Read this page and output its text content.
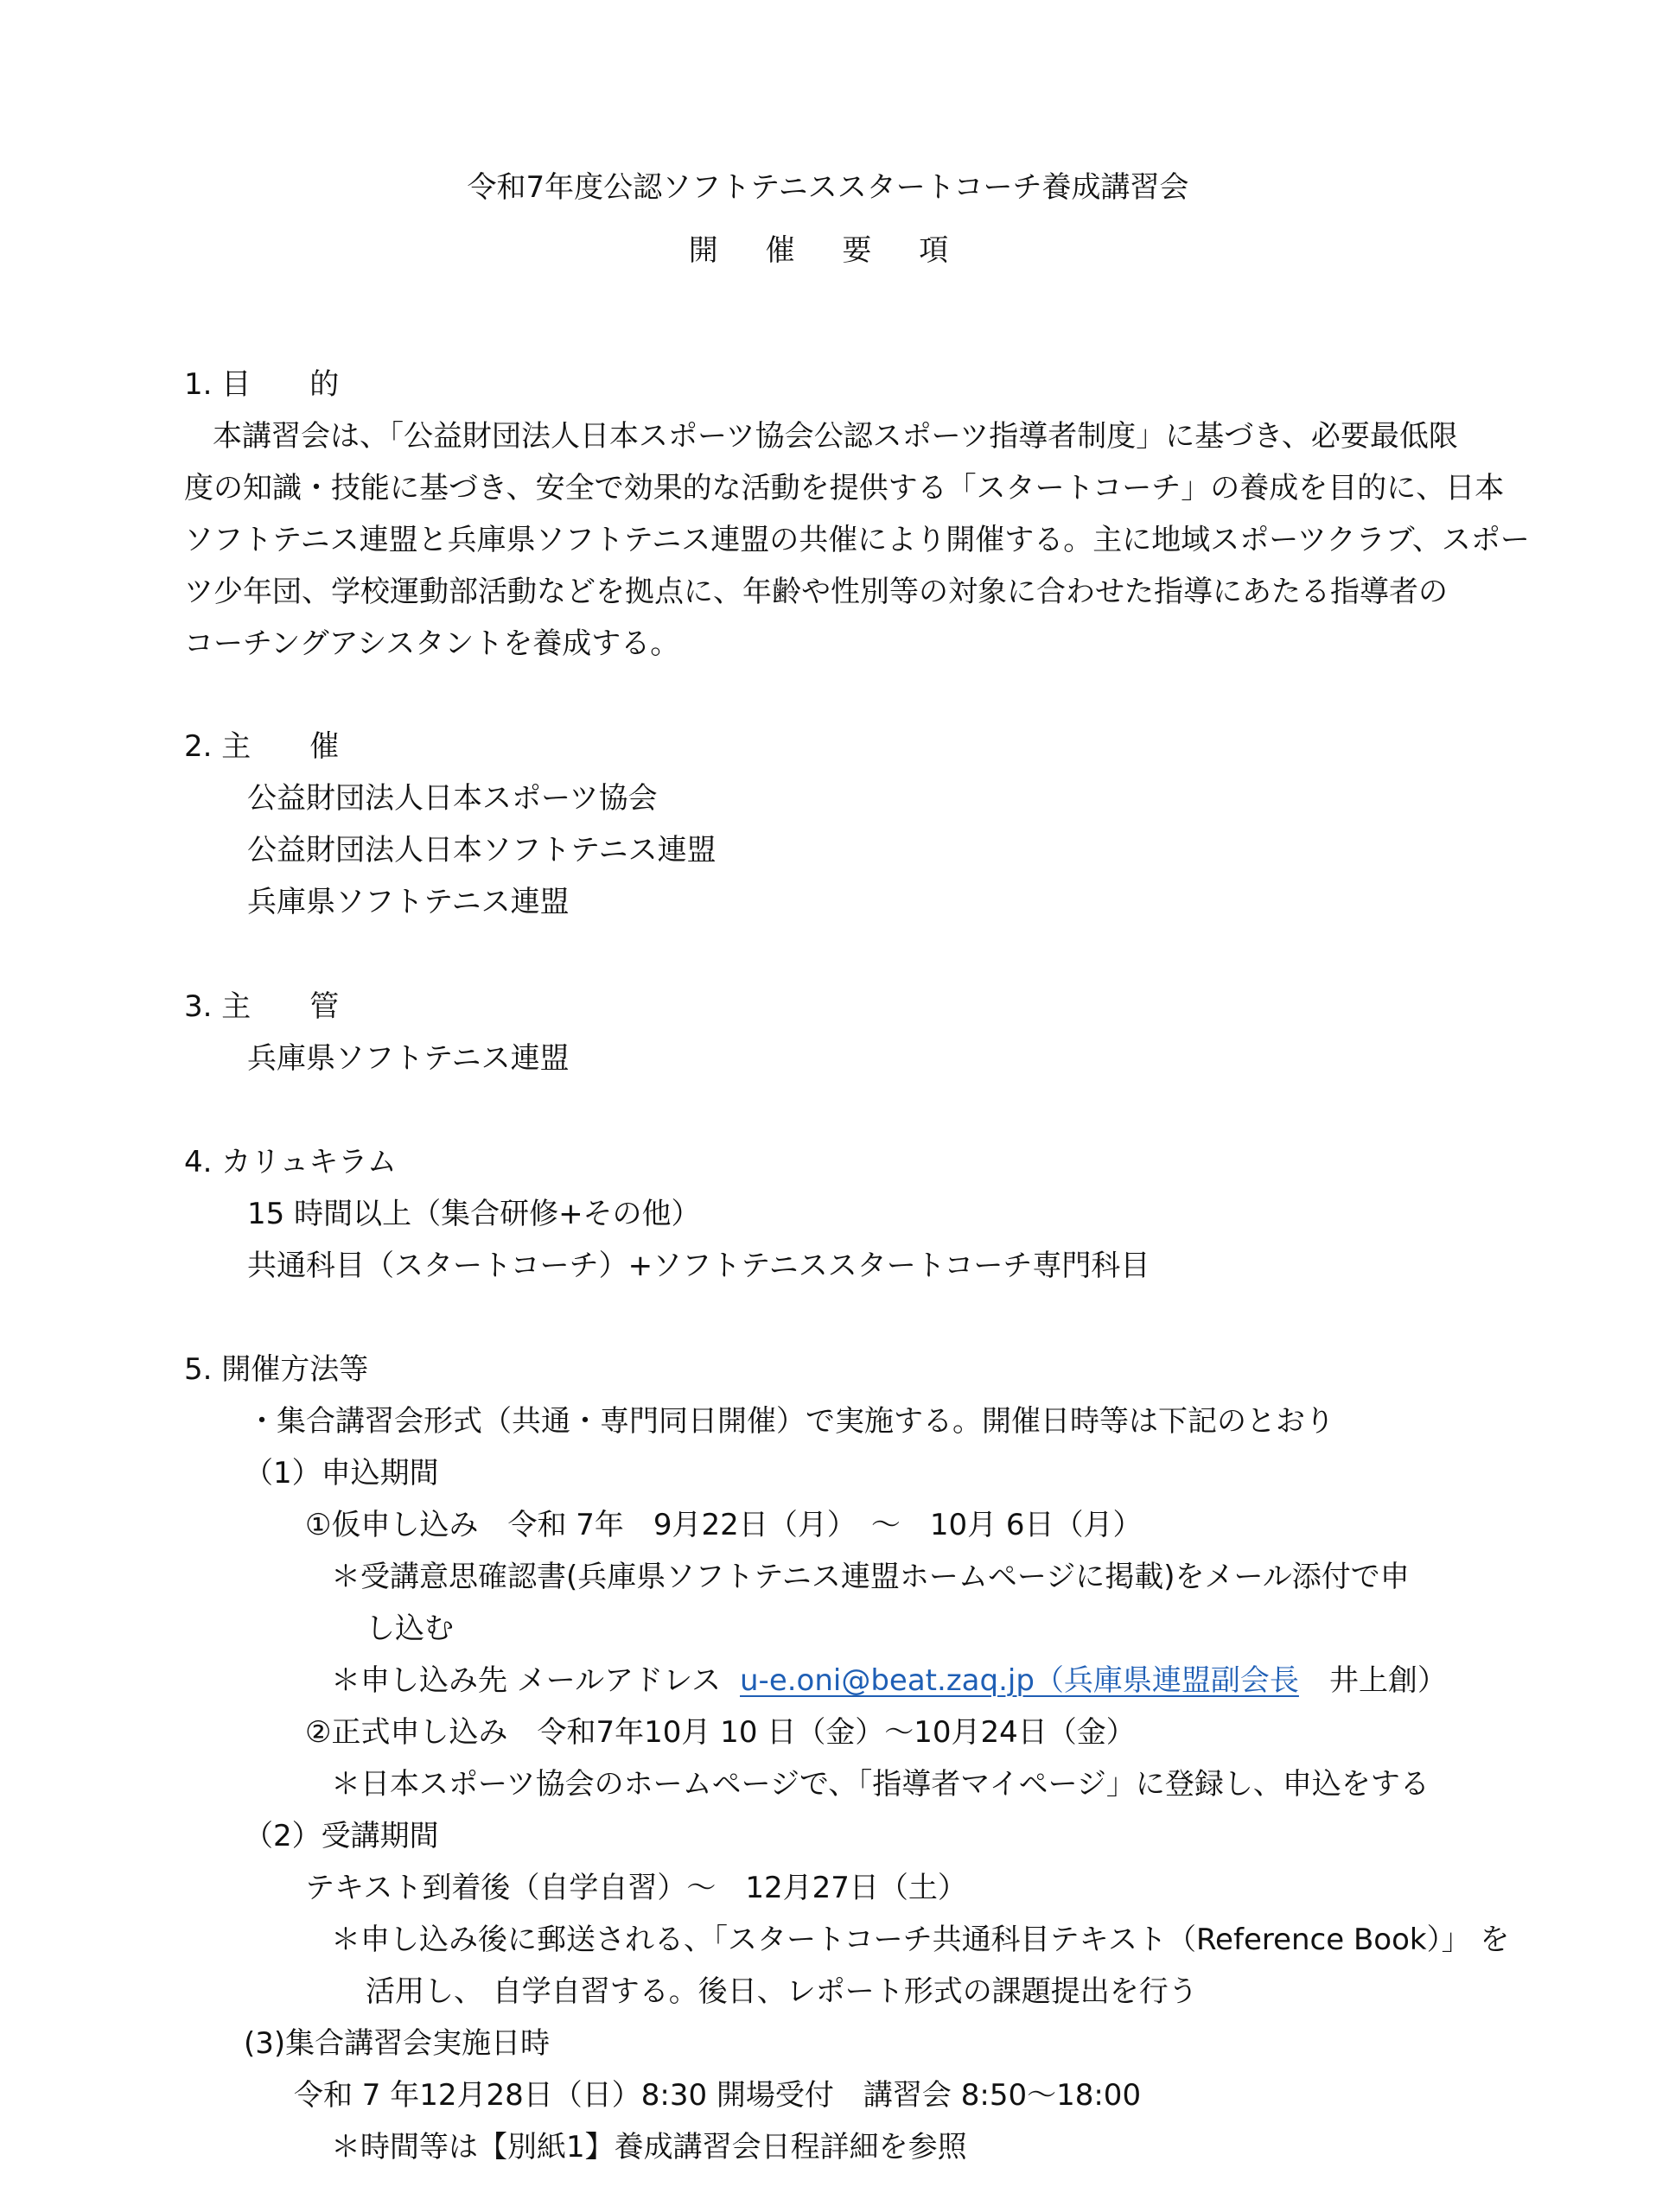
令和7年度公認ソフトテニススタートコーチ養成講習会
開 催 要 項
1. 目　　的
本講習会は、「公益財団法人日本スポーツ協会公認スポーツ指導者制度」に基づき、必要最低限
度の知識・技能に基づき、安全で効果的な活動を提供する「スタートコーチ」の養成を目的に、日本
ソフトテニス連盟と兵庫県ソフトテニス連盟の共催により開催する。主に地域スポーツクラブ、スポー
ツ少年団、学校運動部活動などを拠点に、年齢や性別等の対象に合わせた指導にあたる指導者の
コーチングアシスタントを養成する。
2. 主　　催
公益財団法人日本スポーツ協会
公益財団法人日本ソフトテニス連盟
兵庫県ソフトテニス連盟
3. 主　　管
兵庫県ソフトテニス連盟
4. カリュキラム
15 時間以上（集合研修+その他）
共通科目（スタートコーチ）+ソフトテニススタートコーチ専門科目
5. 開催方法等
・集合講習会形式（共通・専門同日開催）で実施する。開催日時等は下記のとおり
（1）申込期間
①仮申し込み　令和 7年　9月22日（月）　〜　10月 6日（月）
＊受講意思確認書(兵庫県ソフトテニス連盟ホームページに掲載)をメール添付で申
し込む
＊申し込み先 メールアドレス u-e.oni@beat.zaq.jp（兵庫県連盟副会長 井上創）
②正式申し込み　令和7年10月 10 日（金）〜10月24日（金）
＊日本スポーツ協会のホームページで、「指導者マイページ」に登録し、申込をする
（2）受講期間
テキスト到着後（自学自習）〜　12月27日（土）
＊申し込み後に郵送される、「スタートコーチ共通科目テキスト（Reference Book）」 を
活用し、 自学自習する。後日、レポート形式の課題提出を行う
(3)集合講習会実施日時
令和 7 年12月28日（日）8:30 開場受付　講習会 8:50〜18:00
＊時間等は【別紙1】養成講習会日程詳細を参照
